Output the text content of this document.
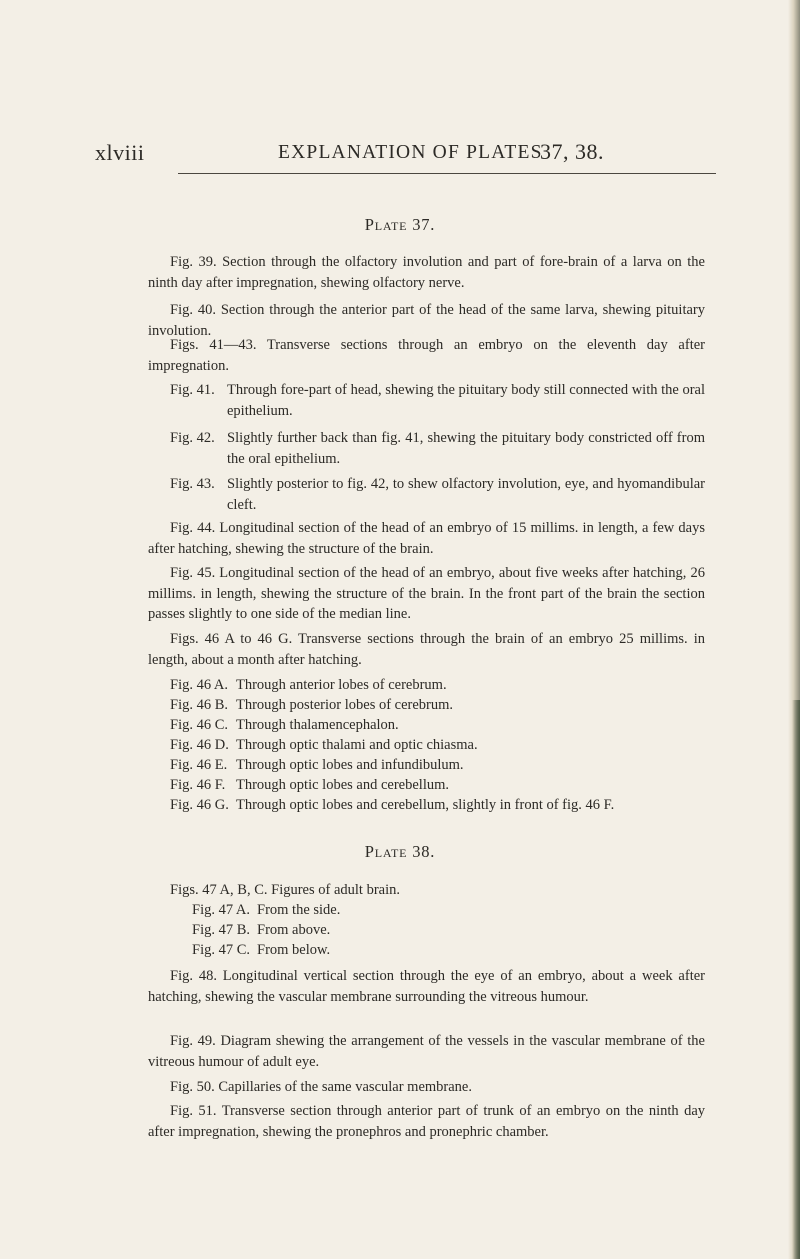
xlviii	EXPLANATION OF PLATES
37, 38.
Plate 37.

Fig. 39. Section through the olfactory involution and part of fore-brain of a larva on the ninth day after impregnation, shewing olfactory nerve.

Fig. 40. Section through the anterior part of the head of the same larva, shewing pituitary involution.

Figs. 41—43. Transverse sections through an embryo on the eleventh day after impregnation.

Fig. 41. Through fore-part of head, shewing the pituitary body still connected with the oral epithelium.
Fig. 42. Slightly further back than fig. 41, shewing the pituitary body constricted off from the oral epithelium.
Fig. 43. Slightly posterior to fig. 42, to shew olfactory involution, eye, and hyomandibular cleft.

Fig. 44. Longitudinal section of the head of an embryo of 15 millims. in length, a few days after hatching, shewing the structure of the brain.

Fig. 45. Longitudinal section of the head of an embryo, about five weeks after hatching, 26 millims. in length, shewing the structure of the brain. In the front part of the brain the section passes slightly to one side of the median line.

Figs. 46 A to 46 G. Transverse sections through the brain of an embryo 25 millims. in length, about a month after hatching.

Fig. 46 A. Through anterior lobes of cerebrum.
Fig. 46 B. Through posterior lobes of cerebrum.
Fig. 46 C. Through thalamencephalon.
Fig. 46 D. Through optic thalami and optic chiasma.
Fig. 46 E. Through optic lobes and infundibulum.
Fig. 46 F. Through optic lobes and cerebellum.
Fig. 46 G. Through optic lobes and cerebellum, slightly in front of fig. 46 F.
Plate 38.
Figs. 47 A, B, C. Figures of adult brain.
Fig. 47 A. From the side.
Fig. 47 B. From above.
Fig. 47 C. From below.

Fig. 48. Longitudinal vertical section through the eye of an embryo, about a week after hatching, shewing the vascular membrane surrounding the vitreous humour.

Fig. 49. Diagram shewing the arrangement of the vessels in the vascular membrane of the vitreous humour of adult eye.

Fig. 50. Capillaries of the same vascular membrane.

Fig. 51. Transverse section through anterior part of trunk of an embryo on the ninth day after impregnation, shewing the pronephros and pronephric chamber.
